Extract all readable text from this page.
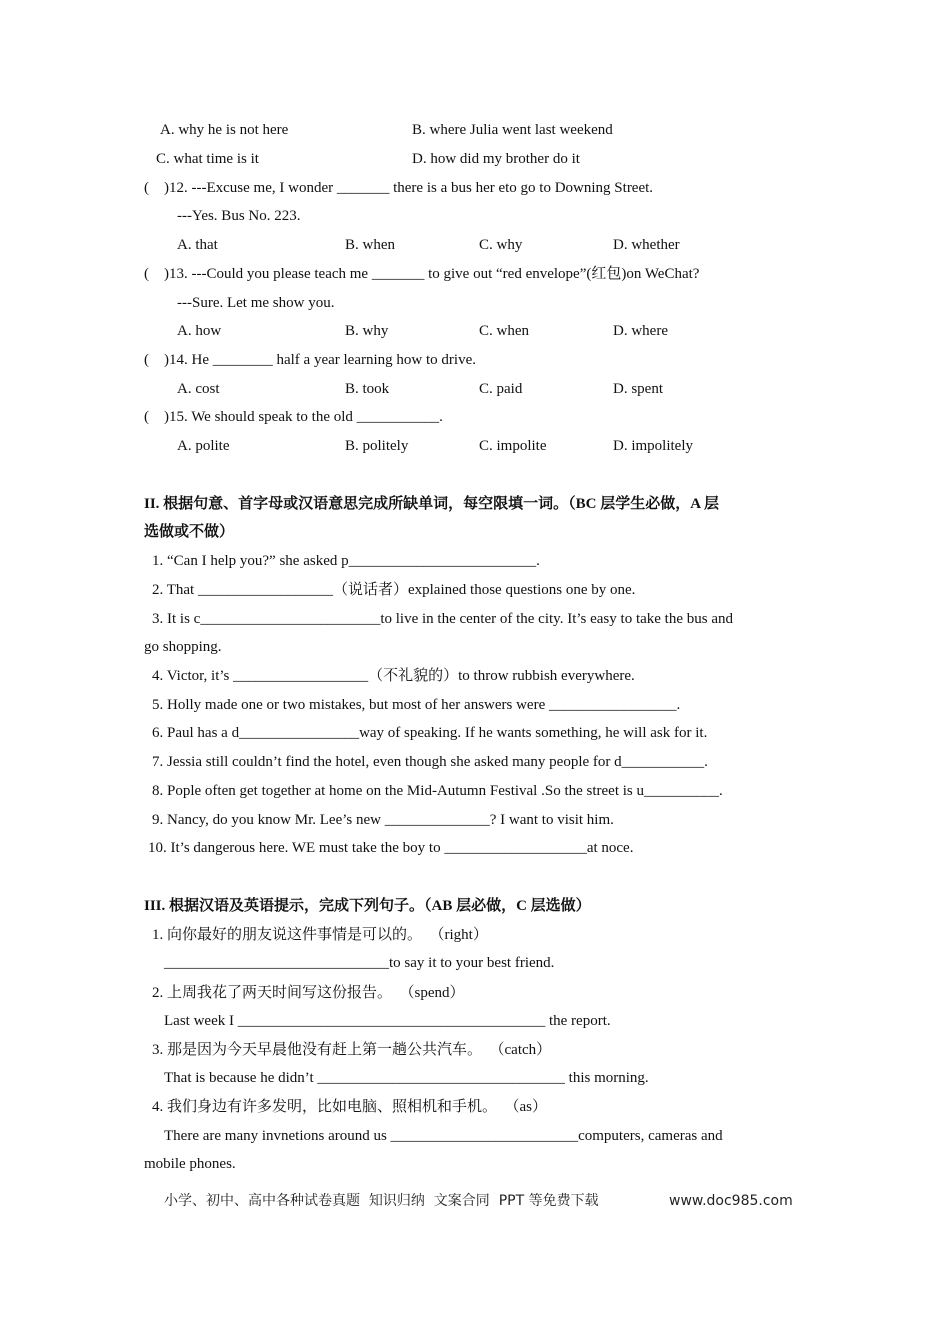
A. why he is not here	B. where Julia went last weekend
C. what time is it	D. how did my brother do it
(    )12. ---Excuse me, I wonder _______ there is a bus her eto go to Downing Street.
---Yes. Bus No. 223.
A. that	B. when	C. why	D. whether
(    )13. ---Could you please teach me _______ to give out “red envelope”(红包)on WeChat?
---Sure. Let me show you.
A. how	B. why	C. when	D. where
(    )14. He ________ half a year learning how to drive.
A. cost	B. took	C. paid	D. spent
(    )15. We should speak to the old ___________.
A. polite	B. politely	C. impolite	D. impolitely
II. 根据句意、首字母或汉语意思完成所缺单词，每空限填一词。（BC 层学生必做，A 层
选做或不做）
1. “Can I help you?” she asked p_________________________.
2. That __________________（说话者）explained those questions one by one.
3. It is c________________________to live in the center of the city. It’s easy to take the bus and
go shopping.
4. Victor, it’s __________________（不礼貌的）to throw rubbish everywhere.
5. Holly made one or two mistakes, but most of her answers were _________________.
6. Paul has a d________________way of speaking. If he wants something, he will ask for it.
7. Jessia still couldn’t find the hotel, even though she asked many people for d___________.
8. Pople often get together at home on the Mid-Autumn Festival .So the street is u__________.
9. Nancy, do you know Mr. Lee’s new ______________? I want to visit him.
10. It’s dangerous here. WE must take the boy to ___________________at noce.
III. 根据汉语及英语提示，完成下列句子。（AB 层必做，C 层选做）
1. 向你最好的朋友说这件事情是可以的。  （right）
______________________________to say it to your best friend.
2. 上周我花了两天时间写这份报告。  （spend）
Last week I _________________________________________ the report.
3. 那是因为今天早晨他没有赶上第一趟公共汽车。  （catch）
That is because he didn’t _________________________________ this morning.
4. 我们身边有许多发明，比如电脑、照相机和手机。  （as）
There are many invnetions around us _________________________computers, cameras and
mobile phones.
小学、初中、高中各种试卷真题  知识归纳  文案合同  PPT 等免费下载	www.doc985.com
